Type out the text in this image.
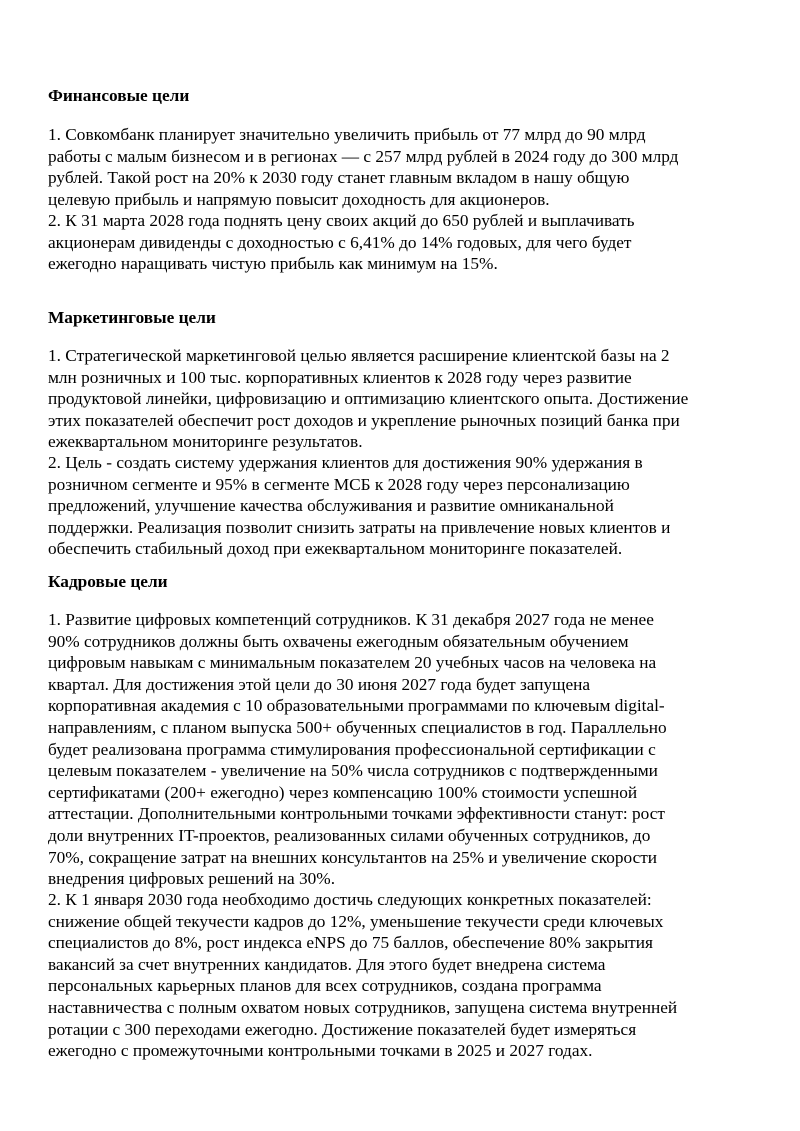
Финансовые цели

1. Совкомбанк планирует значительно увеличить прибыль от 77 млрд до 90 млрд
работы с малым бизнесом и в регионах — с 257 млрд рублей в 2024 году до 300 млрд
рублей. Такой рост на 20% к 2030 году станет главным вкладом в нашу общую
целевую прибыль и напрямую повысит доходность для акционеров.

2. К 31 марта 2028 года поднять цену своих акций до 650 рублей и выплачивать
акционерам дивиденды с доходностью с 6,41% до 14% годовых, для чего будет
ежегодно наращивать чистую прибыль как минимум на 15%.

Маркетинговые цели

1. Стратегической маркетинговой целью является расширение клиентской базы на 2
млн розничных и 100 тыс. корпоративных клиентов к 2028 году через развитие
продуктовой линейки, цифровизацию и оптимизацию клиентского опыта. Достижение
этих показателей обеспечит рост доходов и укрепление рыночных позиций банка при
ежеквартальном мониторинге результатов.

2. Цель - создать систему удержания клиентов для достижения 90% удержания в
розничном сегменте и 95% в сегменте МСБ к 2028 году через персонализацию
предложений, улучшение качества обслуживания и развитие омниканальной
поддержки. Реализация позволит снизить затраты на привлечение новых клиентов и
обеспечить стабильный доход при ежеквартальном мониторинге показателей.

Кадровые цели

1. Развитие цифровых компетенций сотрудников. К 31 декабря 2027 года не менее
90% сотрудников должны быть охвачены ежегодным обязательным обучением
цифровым навыкам с минимальным показателем 20 учебных часов на человека на
квартал. Для достижения этой цели до 30 июня 2027 года будет запущена
корпоративная академия с 10 образовательными программами по ключевым digital-
направлениям, с планом выпуска 500+ обученных специалистов в год. Параллельно
будет реализована программа стимулирования профессиональной сертификации с
целевым показателем - увеличение на 50% числа сотрудников с подтвержденными
сертификатами (200+ ежегодно) через компенсацию 100% стоимости успешной
аттестации. Дополнительными контрольными точками эффективности станут: рост
доли внутренних IT-проектов, реализованных силами обученных сотрудников, до
70%, сокращение затрат на внешних консультантов на 25% и увеличение скорости
внедрения цифровых решений на 30%.

2. К 1 января 2030 года необходимо достичь следующих конкретных показателей:
снижение общей текучести кадров до 12%, уменьшение текучести среди ключевых
специалистов до 8%, рост индекса eNPS до 75 баллов, обеспечение 80% закрытия
вакансий за счет внутренних кандидатов. Для этого будет внедрена система
персональных карьерных планов для всех сотрудников, создана программа
наставничества с полным охватом новых сотрудников, запущена система внутренней
ротации с 300 переходами ежегодно. Достижение показателей будет измеряться
ежегодно с промежуточными контрольными точками в 2025 и 2027 годах.
